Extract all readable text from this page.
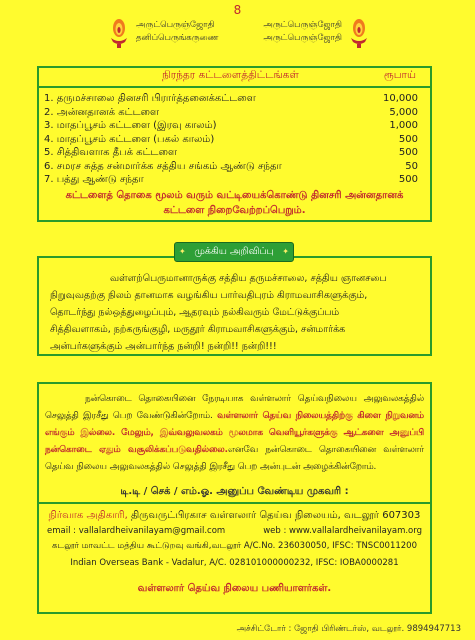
8
அருட்பெருஞ்ஜோதி
தனிப்பெருங்கருணை
அருட்பெருஞ்ஜோதி
அருட்பெருஞ்ஜோதி
நிரந்தர கட்டளைத்திட்டங்கள்	ரூபாய்
1. தருமச்சாலை தினசரி பிரார்த்தனைக்கட்டளை	10,000
2. அன்னதானக் கட்டளை	5,000
3. மாதப்பூசம் கட்டளை (இரவு காலம்)	1,000
4. மாதப்பூசம் கட்டளை (பகல் காலம்)	500
5. சித்திவளாக தீபக் கட்டளை	500
6. சமரச சுத்த சன்மார்க்க சத்திய சங்கம் ஆண்டு சந்தா	50
7. பத்து ஆண்டு சந்தா	500
கட்டளைத் தொகை மூலம் வரும் வட்டியைக்கொண்டு தினசரி அன்னதானக்
கட்டளை நிறைவேற்றப்பெறும்.
வள்ளற்பெருமானாருக்கு சத்திய தருமச்சாலை, சத்திய ஞானசபை
நிறுவுவதற்கு நிலம் தானமாக வழங்கிய பார்வதிபுரம் கிராமவாசிகளுக்கும்,
தொடர்ந்து நல்ஒத்துழைப்பும், ஆதரவும் நல்கிவரும் மேட்டுக்குப்பம்
சித்திவளாகம், நற்கருங்குழி, மருதூர் கிராமவாசிகளுக்கும், சன்மார்க்க
அன்பர்களுக்கும் அன்பார்ந்த நன்றி! நன்றி!! நன்றி!!!
✦ முக்கிய அறிவிப்பு ✦
நன்கொடை தொகையினை நேரடியாக வள்ளலார் தெய்வநிலைய அலுவலகத்தில் செலுத்தி இரசீது பெற வேண்டுகின்றோம். வள்ளலார் தெய்வ நிலையத்திற்கு கிளை நிறுவனம் எங்கும் இல்லை. மேலும், இவ்வலுவலகம் மூலமாக வெளியூர்களுக்கு ஆட்களை அனுப்பி நன்கொடை ஏதும் வசூலிக்கப்படுவதில்லை.எனவே நன்கொடை தொகையினை வள்ளலார் தெய்வ நிலைய அலுவலகத்தில் செலுத்தி இரசீது பெற அன்புடன் அழைக்கின்றோம்.
டி.டி / செக் / எம்.ஓ. அனுப்ப வேண்டிய முகவரி :
நிர்வாக அதிகாரி, திருவருட்பிரகாச வள்ளலார் தெய்வ நிலையம், வடலூர் 607303
email : vallalardheivanilayam@gmail.com	web : www.vallalardheivanilayam.org
கடலூர் மாவட்ட மத்திய கூட்டுறவு வங்கி,வடலூர் A/C.No. 236030050, IFSC: TNSC0011200
Indian Overseas Bank - Vadalur, A/C. 028101000000232, IFSC: IOBA0000281
வள்ளலார் தெய்வ நிலைய பணியாளர்கள்.
அச்சிட்டோர் : ஜோதி பிரிண்டர்ஸ், வடலூர். 9894947713
